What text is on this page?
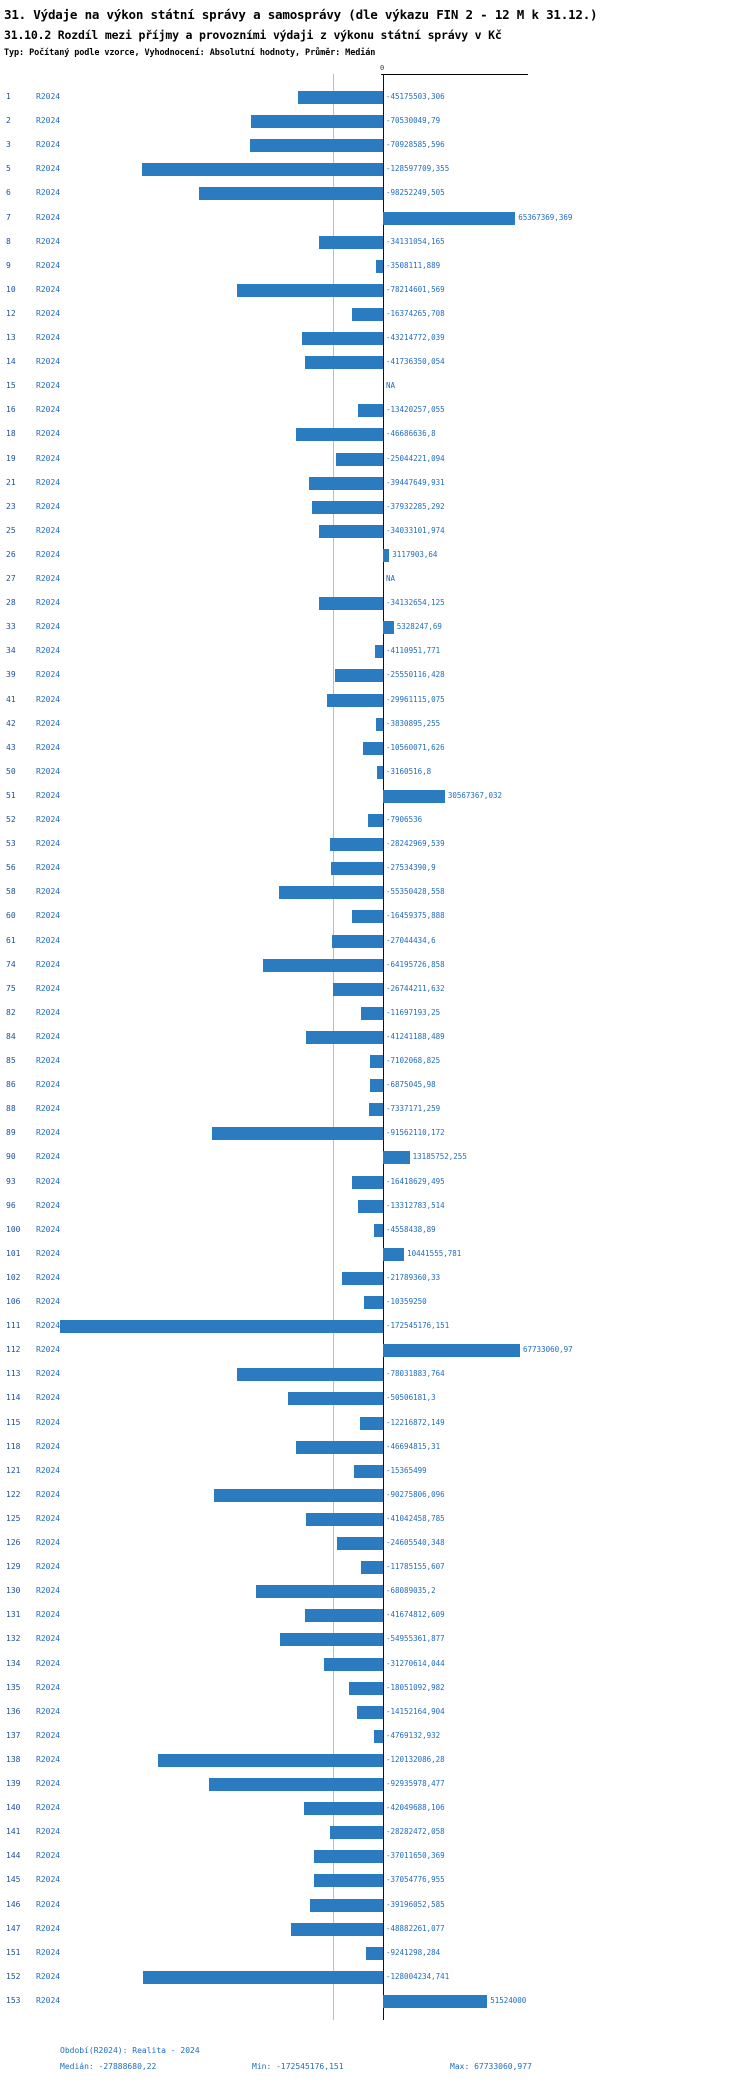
31. Výdaje na výkon státní správy a samosprávy (dle výkazu FIN 2 - 12 M k 31.12.)
31.10.2 Rozdíl mezi příjmy a provozními výdaji z výkonu státní správy v Kč
Typ: Počítaný podle vzorce, Vyhodnocení: Absolutní hodnoty, Průměr: Medián
0
1	R2024	-45175503,306
2	R2024	-70530049,79
3	R2024	-70928585,596
5	R2024	-128597709,355
6	R2024	-98252249,505
7	R2024	65367369,369
8	R2024	-34131054,165
9	R2024	-3508111,889
10	R2024	-78214601,569
12	R2024	-16374265,708
13	R2024	-43214772,039
14	R2024	-41736350,054
15	R2024	NA
16	R2024	-13420257,055
18	R2024	-46686636,8
19	R2024	-25044221,094
21	R2024	-39447649,931
23	R2024	-37932285,292
25	R2024	-34033101,974
26	R2024	3117903,64
27	R2024	NA
28	R2024	-34132654,125
33	R2024	5328247,69
34	R2024	-4110951,771
39	R2024	-25550116,428
41	R2024	-29961115,075
42	R2024	-3830895,255
43	R2024	-10560071,626
50	R2024	-3160516,8
51	R2024	30567367,032
52	R2024	-7906536
53	R2024	-28242969,539
56	R2024	-27534390,9
58	R2024	-55350428,558
60	R2024	-16459375,888
61	R2024	-27044434,6
74	R2024	-64195726,858
75	R2024	-26744211,632
82	R2024	-11697193,25
84	R2024	-41241188,489
85	R2024	-7102068,825
86	R2024	-6875045,98
88	R2024	-7337171,259
89	R2024	-91562110,172
90	R2024	13185752,255
93	R2024	-16418629,495
96	R2024	-13312783,514
100	R2024	-4558438,89
101	R2024	10441555,781
102	R2024	-21789360,33
106	R2024	-10359250
111	R2024	-172545176,151
112	R2024	67733060,97
113	R2024	-78031883,764
114	R2024	-50506181,3
115	R2024	-12216872,149
118	R2024	-46694815,31
121	R2024	-15365499
122	R2024	-90275806,096
125	R2024	-41042458,785
126	R2024	-24605540,348
129	R2024	-11785155,607
130	R2024	-68089035,2
131	R2024	-41674812,609
132	R2024	-54955361,877
134	R2024	-31270614,044
135	R2024	-18051092,982
136	R2024	-14152164,904
137	R2024	-4769132,932
138	R2024	-120132086,28
139	R2024	-92935978,477
140	R2024	-42049688,106
141	R2024	-28282472,058
144	R2024	-37011650,369
145	R2024	-37054776,955
146	R2024	-39196052,585
147	R2024	-48882261,077
151	R2024	-9241298,284
152	R2024	-128004234,741
153	R2024	51524000
Období(R2024): Realita - 2024
Medián: -27888680,22	Min: -172545176,151	Max: 67733060,977
